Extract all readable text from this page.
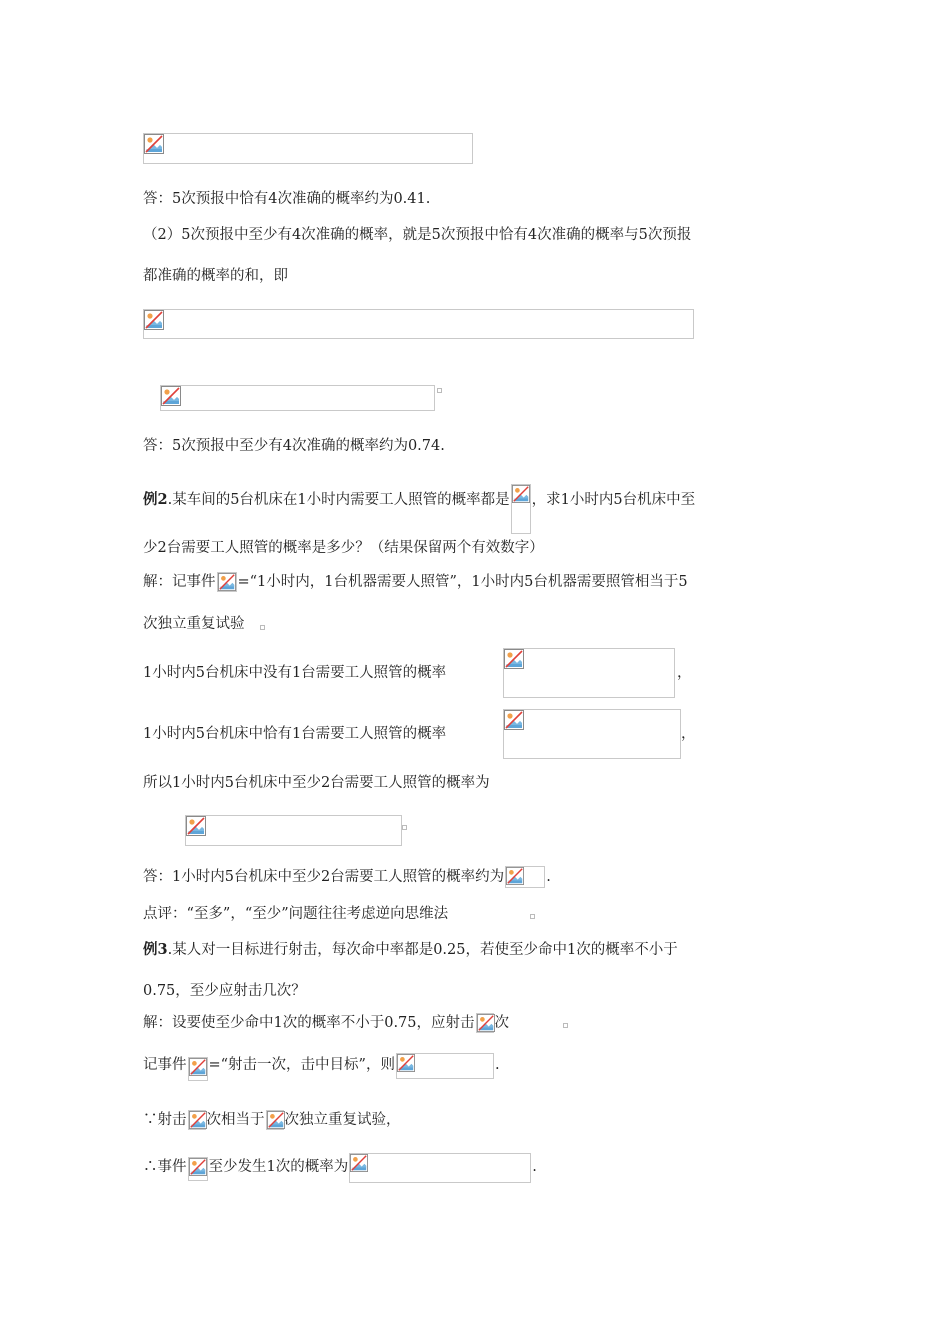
答：5次预报中恰有4次准确的概率约为0.41.
（2）5次预报中至少有4次准确的概率，就是5次预报中恰有4次准确的概率与5次预报
都准确的概率的和，即
答：5次预报中至少有4次准确的概率约为0.74.
例2.某车间的5台机床在1小时内需要工人照管的概率都是 ，求1小时内5台机床中至
少2台需要工人照管的概率是多少？（结果保留两个有效数字）
解：记事件 =“1小时内，1台机器需要人照管”，1小时内5台机器需要照管相当于5
次独立重复试验
1小时内5台机床中没有1台需要工人照管的概率	，
1小时内5台机床中恰有1台需要工人照管的概率	，
所以1小时内5台机床中至少2台需要工人照管的概率为
答：1小时内5台机床中至少2台需要工人照管的概率约为	.
点评：“至多”，“至少”问题往往考虑逆向思维法
例3.某人对一目标进行射击，每次命中率都是0.25，若使至少命中1次的概率不小于
0.75，至少应射击几次？
解：设要使至少命中1次的概率不小于0.75，应射击 次
记事件 =“射击一次，击中目标”，则	.
∵射击 次相当于 次独立重复试验，
∴事件 至少发生1次的概率为	.
